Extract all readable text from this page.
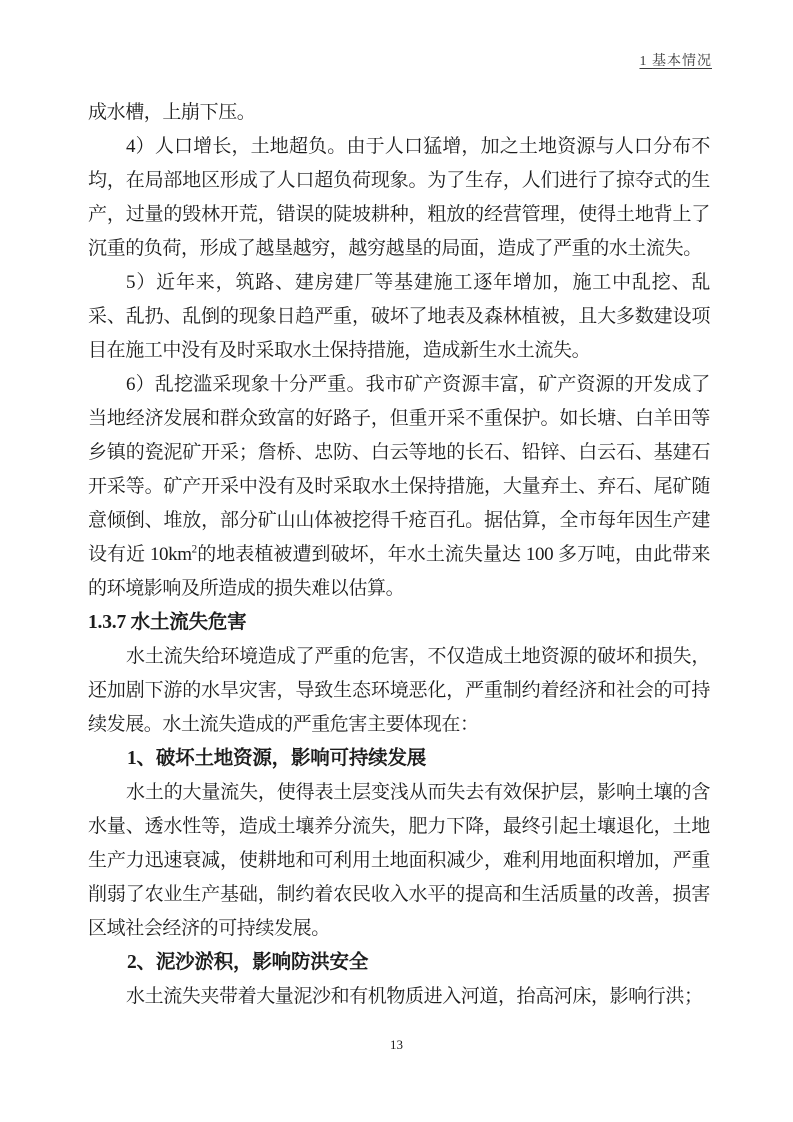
1 基本情况

成水槽，上崩下压。

4）人口增长，土地超负。由于人口猛增，加之土地资源与人口分布不均，在局部地区形成了人口超负荷现象。为了生存，人们进行了掠夺式的生产，过量的毁林开荒，错误的陡坡耕种，粗放的经营管理，使得土地背上了沉重的负荷，形成了越垦越穷，越穷越垦的局面，造成了严重的水土流失。

5）近年来，筑路、建房建厂等基建施工逐年增加，施工中乱挖、乱采、乱扔、乱倒的现象日趋严重，破坏了地表及森林植被，且大多数建设项目在施工中没有及时采取水土保持措施，造成新生水土流失。

6）乱挖滥采现象十分严重。我市矿产资源丰富，矿产资源的开发成了当地经济发展和群众致富的好路子，但重开采不重保护。如长塘、白羊田等乡镇的瓷泥矿开采；詹桥、忠防、白云等地的长石、铅锌、白云石、基建石开采等。矿产开采中没有及时采取水土保持措施，大量弃土、弃石、尾矿随意倾倒、堆放，部分矿山山体被挖得千疮百孔。据估算，全市每年因生产建设有近 $10km^2$的地表植被遭到破坏，年水土流失量达 100 多万吨，由此带来的环境影响及所造成的损失难以估算。

1.3.7 水土流失危害

水土流失给环境造成了严重的危害，不仅造成土地资源的破坏和损失，还加剧下游的水旱灾害，导致生态环境恶化，严重制约着经济和社会的可持续发展。水土流失造成的严重危害主要体现在：

1、破坏土地资源，影响可持续发展

水土的大量流失，使得表土层变浅从而失去有效保护层，影响土壤的含水量、透水性等，造成土壤养分流失，肥力下降，最终引起土壤退化，土地生产力迅速衰减，使耕地和可利用土地面积减少，难利用地面积增加，严重削弱了农业生产基础，制约着农民收入水平的提高和生活质量的改善，损害区域社会经济的可持续发展。

2、泥沙淤积，影响防洪安全

水土流失夹带着大量泥沙和有机物质进入河道，抬高河床，影响行洪；

13
